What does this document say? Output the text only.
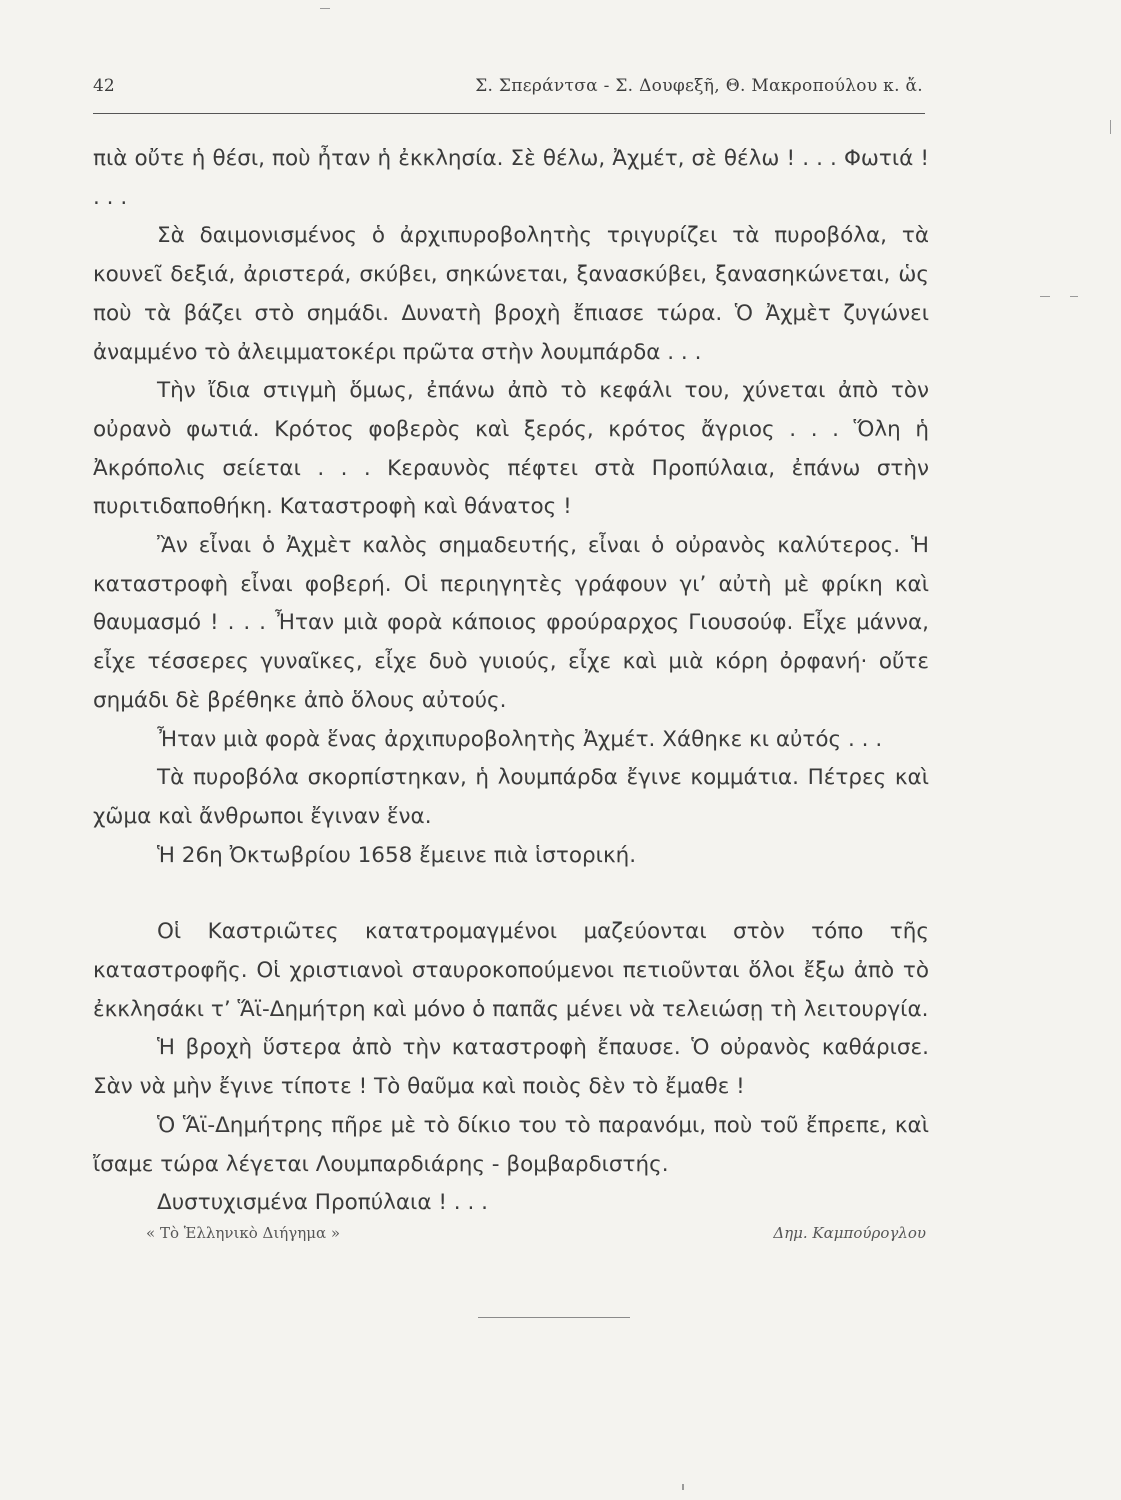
42	Σ. Σπεράντσα - Σ. Δουφεξῆ, Θ. Μακροπούλου κ. ἄ.

πιὰ οὔτε ἡ θέσι, ποὺ ἦταν ἡ ἐκκλησία. Σὲ θέλω, Ἀχμέτ, σὲ θέλω ! . . . Φωτιά ! . . .

Σὰ δαιμονισμένος ὁ ἀρχιπυροβολητὴς τριγυρίζει τὰ πυροβόλα, τὰ κουνεῖ δεξιά, ἀριστερά, σκύβει, σηκώνεται, ξανασκύβει, ξανασηκώνεται, ὡς ποὺ τὰ βάζει στὸ σημάδι. Δυνατὴ βροχὴ ἔπιασε τώρα. Ὁ Ἀχμὲτ ζυγώνει ἀναμμένο τὸ ἀλειμματοκέρι πρῶτα στὴν λουμπάρδα . . .

Τὴν ἴδια στιγμὴ ὅμως, ἐπάνω ἀπὸ τὸ κεφάλι του, χύνεται ἀπὸ τὸν οὐρανὸ φωτιά. Κρότος φοβερὸς καὶ ξερός, κρότος ἄγριος . . . Ὅλη ἡ Ἀκρόπολις σείεται . . . Κεραυνὸς πέφτει στὰ Προπύλαια, ἐπάνω στὴν πυριτιδαποθήκη. Καταστροφὴ καὶ θάνατος !

Ἂν εἶναι ὁ Ἀχμὲτ καλὸς σημαδευτής, εἶναι ὁ οὐρανὸς καλύτερος. Ἡ καταστροφὴ εἶναι φοβερή. Οἱ περιηγητὲς γράφουν γι’ αὐτὴ μὲ φρίκη καὶ θαυμασμό ! . . . Ἦταν μιὰ φορὰ κάποιος φρούραρχος Γιουσούφ. Εἶχε μάννα, εἶχε τέσσερες γυναῖκες, εἶχε δυὸ γυιούς, εἶχε καὶ μιὰ κόρη ὀρφανή· οὔτε σημάδι δὲ βρέθηκε ἀπὸ ὅλους αὐτούς.

Ἦταν μιὰ φορὰ ἕνας ἀρχιπυροβολητὴς Ἀχμέτ. Χάθηκε κι αὐτός . . .

Τὰ πυροβόλα σκορπίστηκαν, ἡ λουμπάρδα ἔγινε κομμάτια. Πέτρες καὶ χῶμα καὶ ἄνθρωποι ἔγιναν ἕνα.

Ἡ 26η Ὀκτωβρίου 1658 ἔμεινε πιὰ ἱστορική.

Οἱ Καστριῶτες κατατρομαγμένοι μαζεύονται στὸν τόπο τῆς καταστροφῆς. Οἱ χριστιανοὶ σταυροκοπούμενοι πετιοῦνται ὅλοι ἔξω ἀπὸ τὸ ἐκκλησάκι τ’ Ἅϊ-Δημήτρη καὶ μόνο ὁ παπᾶς μένει νὰ τελειώσῃ τὴ λειτουργία.

Ἡ βροχὴ ὕστερα ἀπὸ τὴν καταστροφὴ ἔπαυσε. Ὁ οὐρανὸς καθάρισε. Σὰν νὰ μὴν ἔγινε τίποτε ! Τὸ θαῦμα καὶ ποιὸς δὲν τὸ ἔμαθε !

Ὁ Ἅϊ-Δημήτρης πῆρε μὲ τὸ δίκιο του τὸ παρανόμι, ποὺ τοῦ ἔπρεπε, καὶ ἴσαμε τώρα λέγεται Λουμπαρδιάρης - βομβαρδιστής.

Δυστυχισμένα Προπύλαια ! . . .

« Τὸ Ἑλληνικὸ Διήγημα »	Δημ. Καμπούρογλου
